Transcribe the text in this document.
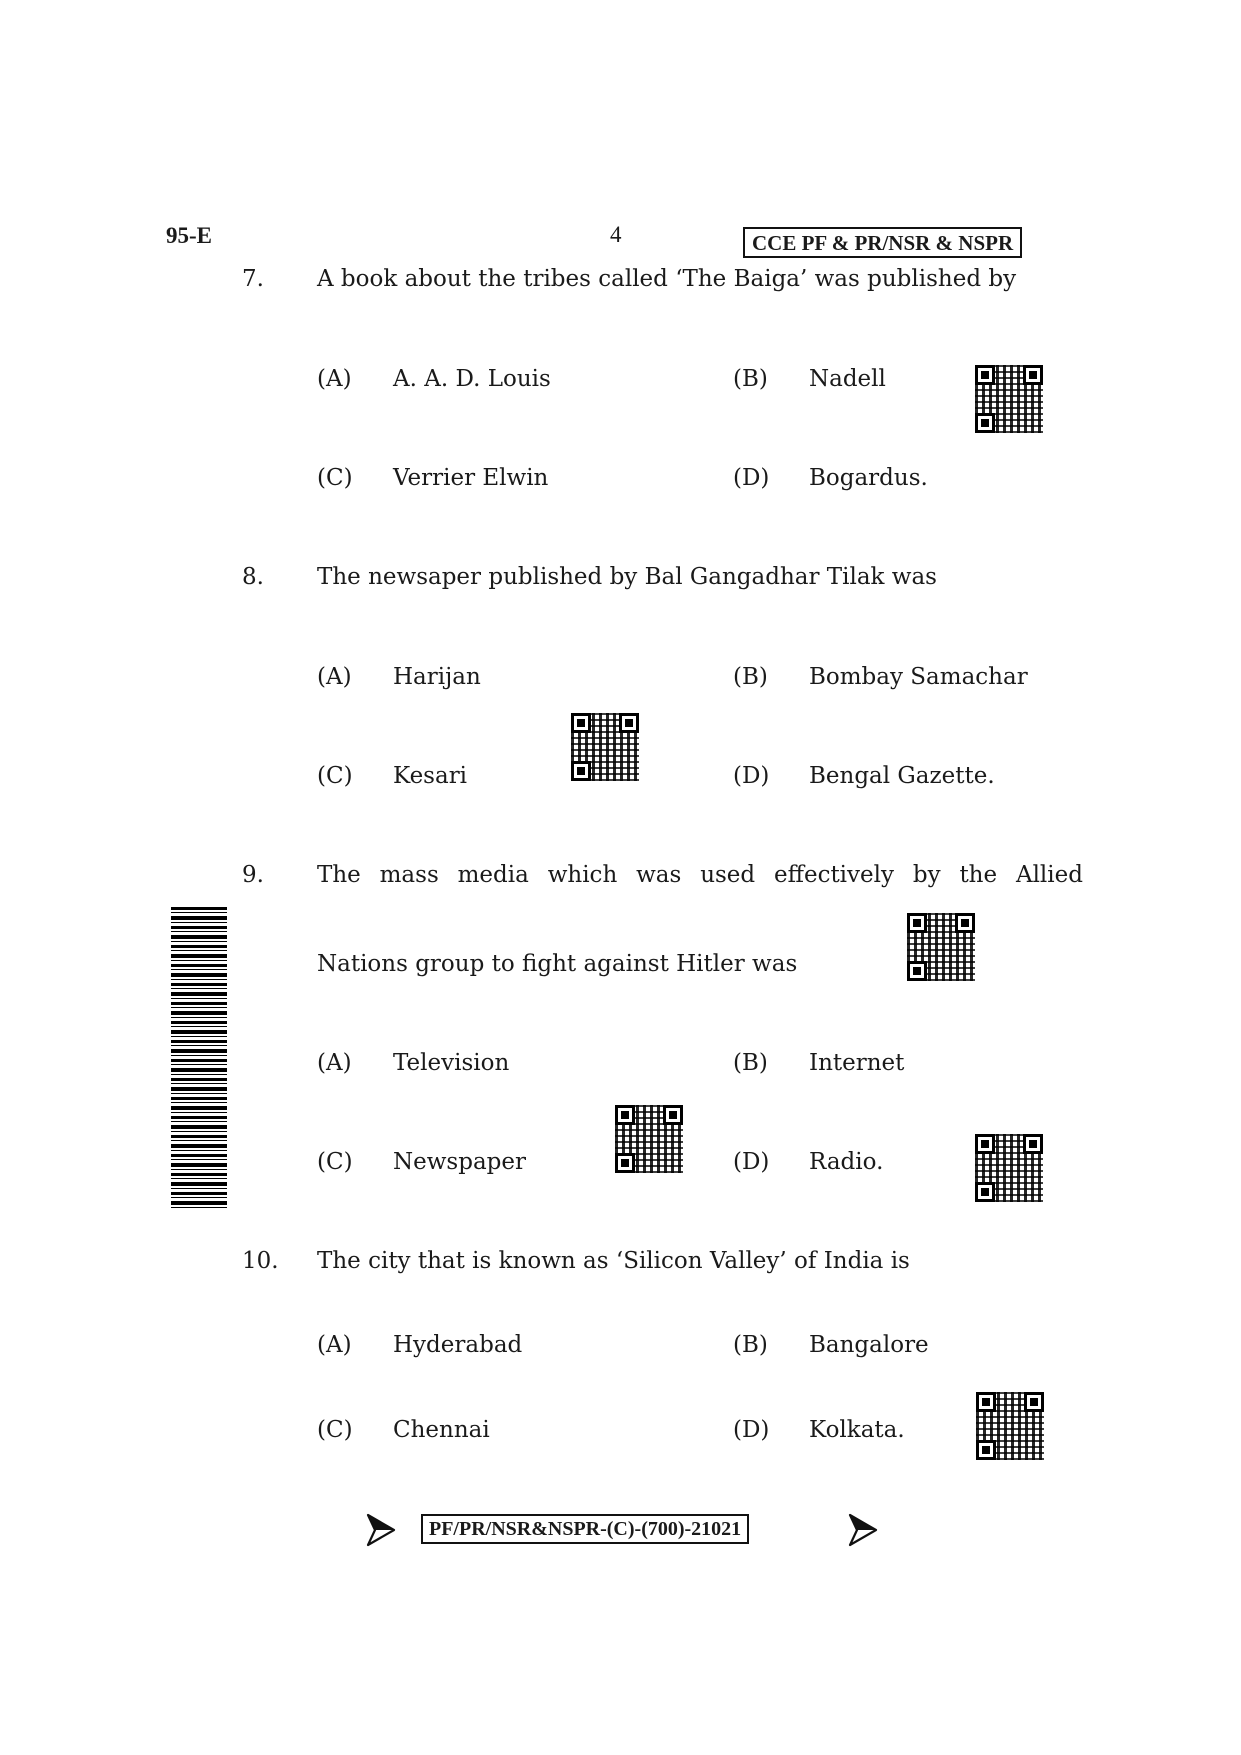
95-E	4	CCE PF & PR/NSR & NSPR
7. A book about the tribes called ‘The Baiga’ was published by
(A) A. A. D. Louis	(B) Nadell
(C) Verrier Elwin	(D) Bogardus.
8. The newsaper published by Bal Gangadhar Tilak was
(A) Harijan	(B) Bombay Samachar
(C) Kesari	(D) Bengal Gazette.
9. The mass media which was used effectively by the Allied
Nations group to fight against Hitler was
(A) Television	(B) Internet
(C) Newspaper	(D) Radio.
10. The city that is known as ‘Silicon Valley’ of India is
(A) Hyderabad	(B) Bangalore
(C) Chennai	(D) Kolkata.
PF/PR/NSR&NSPR-(C)-(700)-21021
